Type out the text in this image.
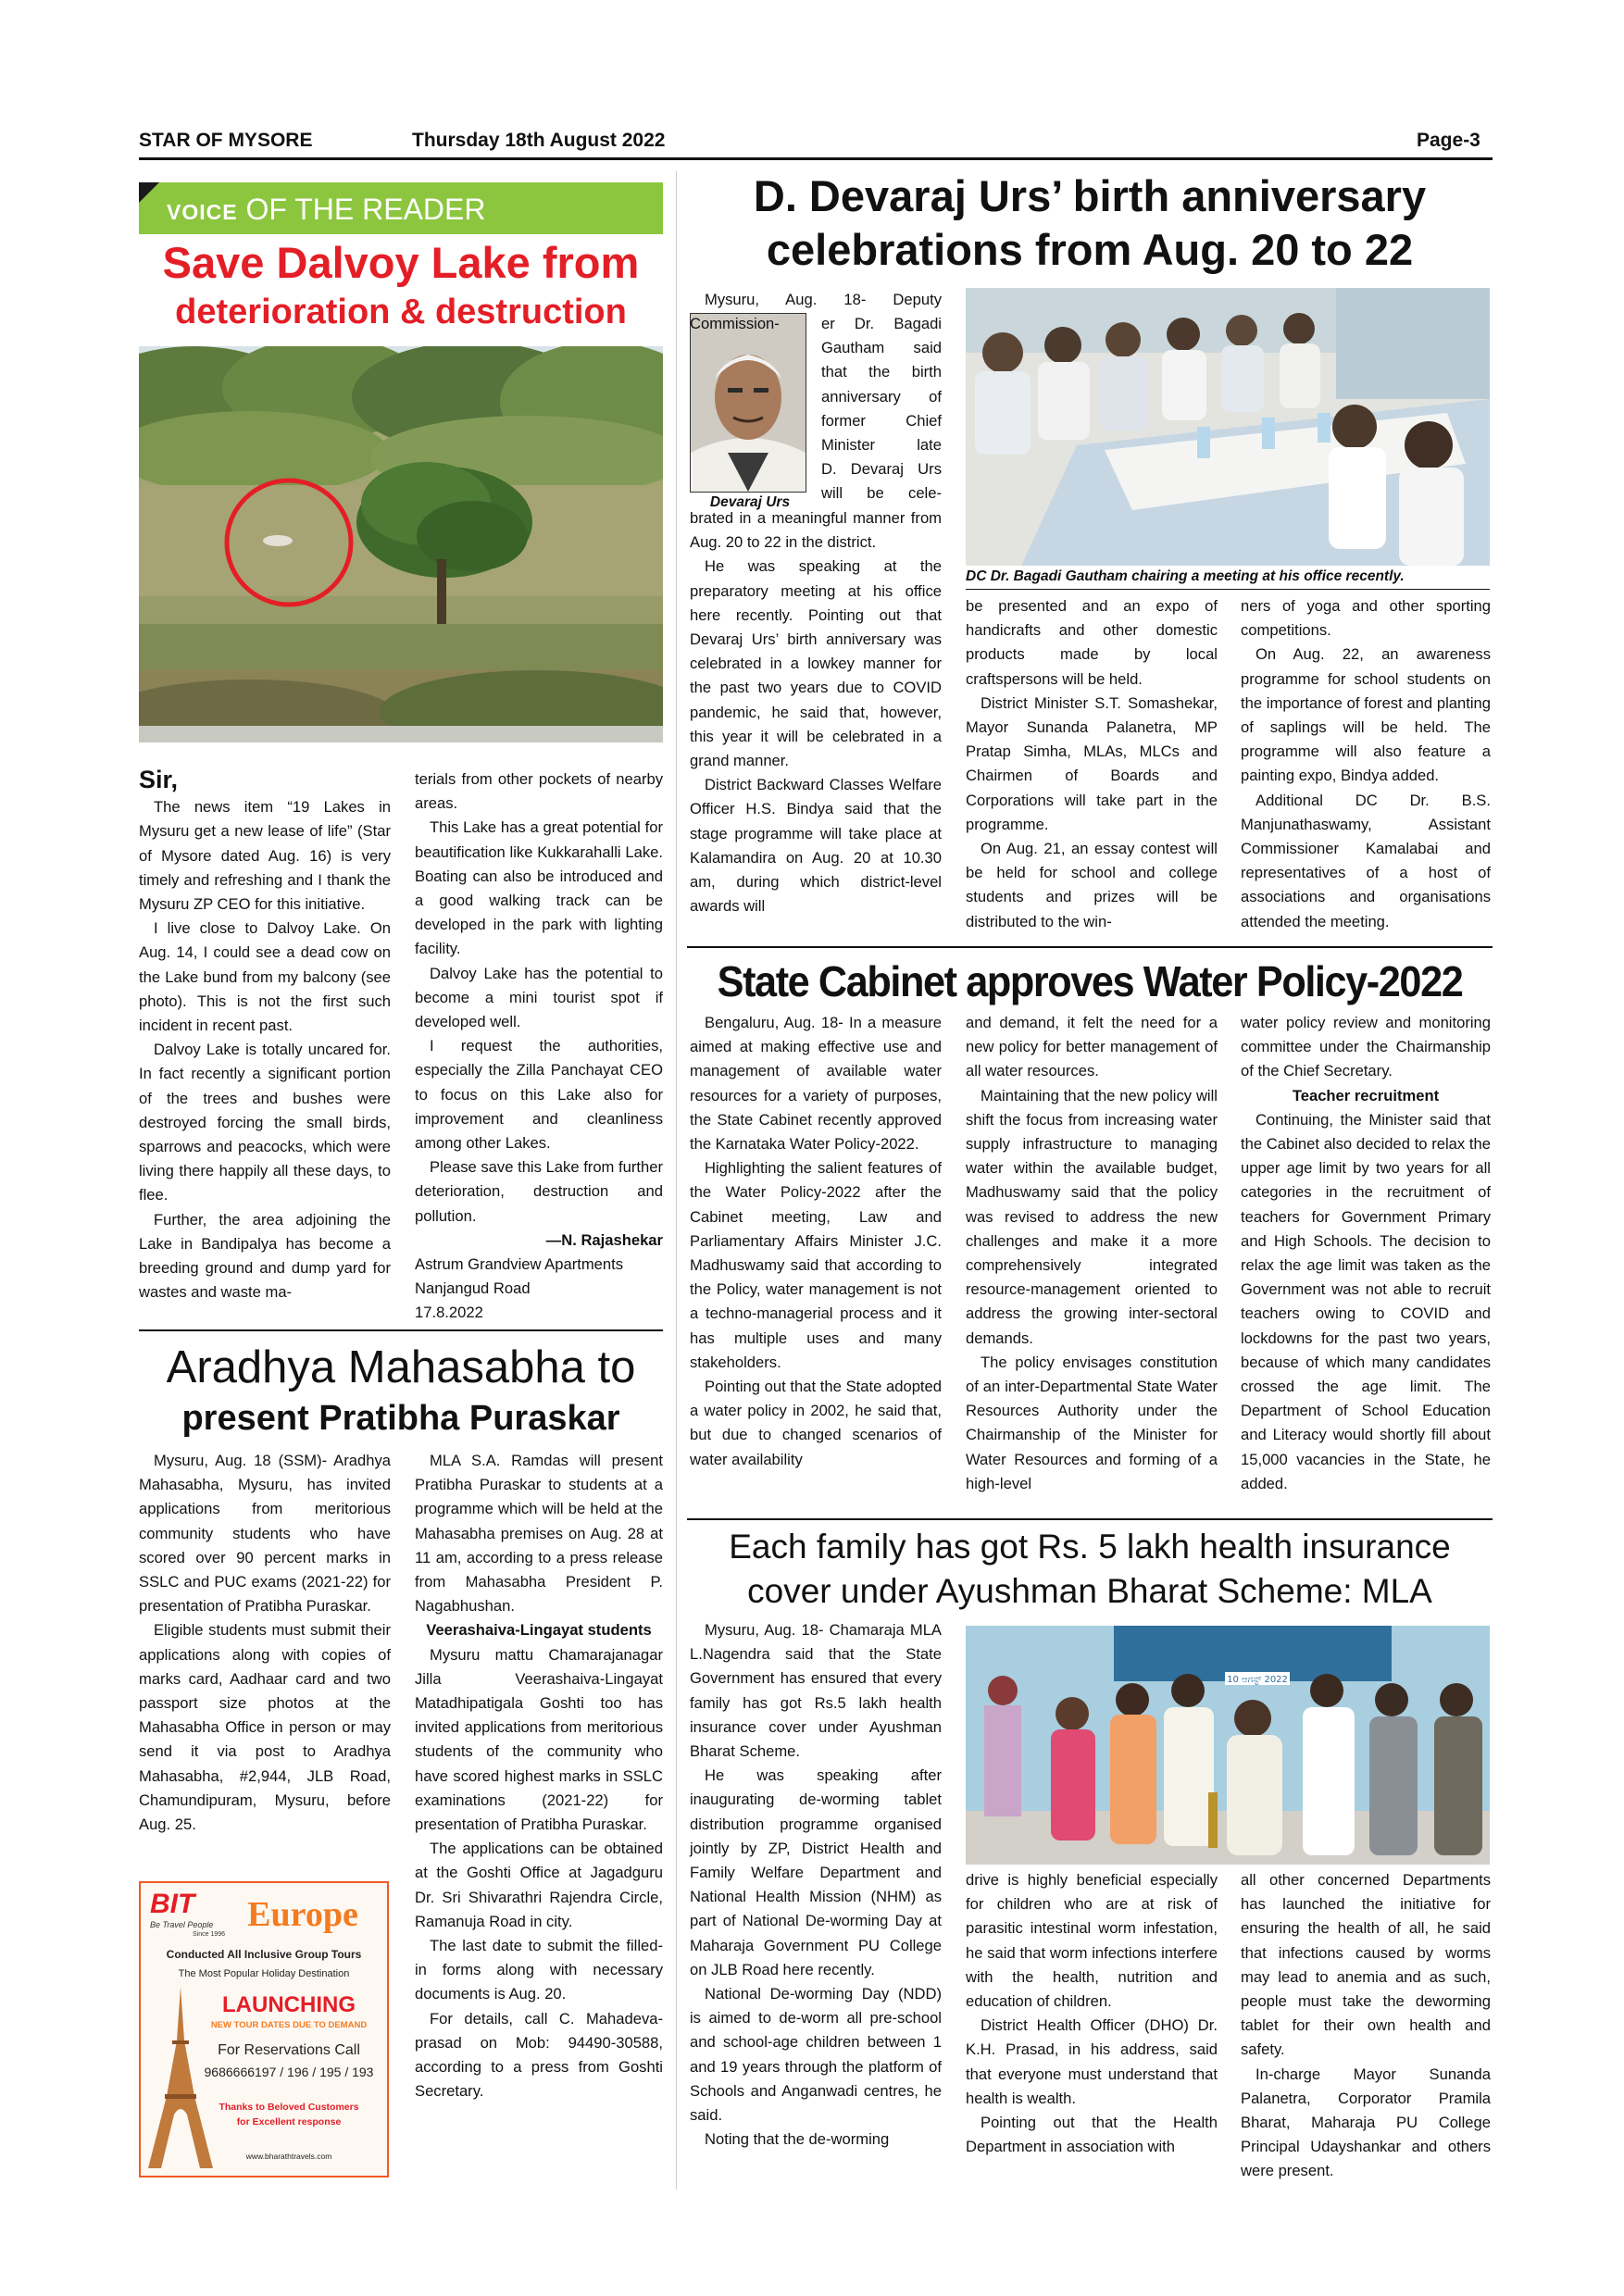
STAR OF MYSORE	Thursday 18th August 2022	Page-3
VOICE OF THE READER
Save Dalvoy Lake from
deterioration & destruction

Sir,

The news item “19 Lakes in Mysuru get a new lease of life” (Star of Mysore dated Aug. 16) is very timely and refreshing and I thank the Mysuru ZP CEO for this initiative.

I live close to Dalvoy Lake. On Aug. 14, I could see a dead cow on the Lake bund from my balcony (see photo). This is not the first such incident in recent past.

Dalvoy Lake is totally uncared for. In fact recently a significant portion of the trees and bushes were destroyed forcing the small birds, sparrows and peacocks, which were living there happily all these days, to flee.

Further, the area adjoining the Lake in Bandipalya has become a breeding ground and dump yard for wastes and waste ma-

terials from other pockets of nearby areas.

This Lake has a great potential for beautification like Kukkarahalli Lake. Boating can also be introduced and a good walking track can be developed in the park with lighting facility.

Dalvoy Lake has the potential to become a mini tourist spot if developed well.

I request the authorities, especially the Zilla Panchayat CEO to focus on this Lake also for improvement and cleanliness among other Lakes.

Please save this Lake from further deterioration, destruction and pollution.

—N. Rajashekar

Astrum Grandview Apartments

Nanjangud Road

17.8.2022

Aradhya Mahasabha to
present Pratibha Puraskar

Mysuru, Aug. 18 (SSM)- Aradhya Mahasabha, Mysuru, has invited applications from meritorious community students who have scored over 90 percent marks in SSLC and PUC exams (2021-22) for presentation of Pratibha Puraskar.

Eligible students must submit their applications along with copies of marks card, Aadhaar card and two passport size photos at the Mahasabha Office in person or may send it via post to Aradhya Mahasabha, #2,944, JLB Road, Chamundipuram, Mysuru, before Aug. 25.

MLA S.A. Ramdas will present Pratibha Puraskar to students at a programme which will be held at the Mahasabha premises on Aug. 28 at 11 am, according to a press release from Mahasabha President P. Nagabhushan.

Veerashaiva-Lingayat students

Mysuru mattu Chamarajanagar Jilla Veerashaiva-Lingayat Matadhipatigala Goshti too has invited applications from meritorious students of the community who have scored highest marks in SSLC examinations (2021-22) for presentation of Pratibha Puraskar.

The applications can be obtained at the Goshti Office at Jagadguru Dr. Sri Shivarathri Rajendra Circle, Ramanuja Road in city.

The last date to submit the filled-in forms along with necessary documents is Aug. 20.

For details, call C. Mahadeva-prasad on Mob: 94490-30588, according to a press from Goshti Secretary.

BIT
Be Travel People
Since 1996
Europe
Conducted All Inclusive Group Tours
The Most Popular Holiday Destination
LAUNCHING
NEW TOUR DATES DUE TO DEMAND
For Reservations Call
9686666197 / 196 / 195 / 193
Thanks to Beloved Customers
for Excellent response
www.bharathtravels.com
D. Devaraj Urs’ birth anniversary
celebrations from Aug. 20 to 22
Devaraj Urs
Mysuru, Aug. 18- Deputy Commission-	er Dr. Bagadi
Gautham said
that the birth
anniversary of
former Chief
Minister late
D. Devaraj Urs
will be cele-

brated in a meaningful manner from Aug. 20 to 22 in the district.

He was speaking at the preparatory meeting at his office here recently. Pointing out that Devaraj Urs’ birth anniversary was celebrated in a lowkey manner for the past two years due to COVID pandemic, he said that, however, this year it will be celebrated in a grand manner.

District Backward Classes Welfare Officer H.S. Bindya said that the stage programme will take place at Kalamandira on Aug. 20 at 10.30 am, during which district-level awards will

DC Dr. Bagadi Gautham chairing a meeting at his office recently.

be presented and an expo of handicrafts and other domestic products made by local craftspersons will be held.

District Minister S.T. Somashekar, Mayor Sunanda Palanetra, MP Pratap Simha, MLAs, MLCs and Chairmen of Boards and Corporations will take part in the programme.

On Aug. 21, an essay contest will be held for school and college students and prizes will be distributed to the win-

ners of yoga and other sporting competitions.

On Aug. 22, an awareness programme for school students on the importance of forest and planting of saplings will be held. The programme will also feature a painting expo, Bindya added.

Additional DC Dr. B.S. Manjunathaswamy, Assistant Commissioner Kamalabai and representatives of a host of associations and organisations attended the meeting.

State Cabinet approves Water Policy-2022

Bengaluru, Aug. 18- In a measure aimed at making effective use and management of available water resources for a variety of purposes, the State Cabinet recently approved the Karnataka Water Policy-2022.

Highlighting the salient features of the Water Policy-2022 after the Cabinet meeting, Law and Parliamentary Affairs Minister J.C. Madhuswamy said that according to the Policy, water management is not a techno-managerial process and it has multiple uses and many stakeholders.

Pointing out that the State adopted a water policy in 2002, he said that, but due to changed scenarios of water availability

and demand, it felt the need for a new policy for better management of all water resources.

Maintaining that the new policy will shift the focus from increasing water supply infrastructure to managing water within the available budget, Madhuswamy said that the policy was revised to address the new challenges and make it a more comprehensively integrated resource-management oriented to address the growing inter-sectoral demands.

The policy envisages constitution of an inter-Departmental State Water Resources Authority under the Chairmanship of the Minister for Water Resources and forming of a high-level

water policy review and monitoring committee under the Chairmanship of the Chief Secretary.

Teacher recruitment

Continuing, the Minister said that the Cabinet also decided to relax the upper age limit by two years for all categories in the recruitment of teachers for Government Primary and High Schools. The decision to relax the age limit was taken as the Government was not able to recruit teachers owing to COVID and lockdowns for the past two years, because of which many candidates crossed the age limit. The Department of School Education and Literacy would shortly fill about 15,000 vacancies in the State, he added.

Each family has got Rs. 5 lakh health insurance
cover under Ayushman Bharat Scheme: MLA

Mysuru, Aug. 18- Chamaraja MLA L.Nagendra said that the State Government has ensured that every family has got Rs.5 lakh health insurance cover under Ayushman Bharat Scheme.

He was speaking after inaugurating de-worming tablet distribution programme organised jointly by ZP, District Health and Family Welfare Department and National Health Mission (NHM) as part of National De-worming Day at Maharaja Government PU College on JLB Road here recently.

National De-worming Day (NDD) is aimed to de-worm all pre-school and school-age children between 1 and 19 years through the platform of Schools and Anganwadi centres, he said.

Noting that the de-worming

10 ಆಗಸ್ಟ್ 2022

drive is highly beneficial especially for children who are at risk of parasitic intestinal worm infestation, he said that worm infections interfere with the health, nutrition and education of children.

District Health Officer (DHO) Dr. K.H. Prasad, in his address, said that everyone must understand that health is wealth.

Pointing out that the Health Department in association with

all other concerned Departments has launched the initiative for ensuring the health of all, he said that infections caused by worms may lead to anemia and as such, people must take the deworming tablet for their own health and safety.

In-charge Mayor Sunanda Palanetra, Corporator Pramila Bharat, Maharaja PU College Principal Udayshankar and others were present.
